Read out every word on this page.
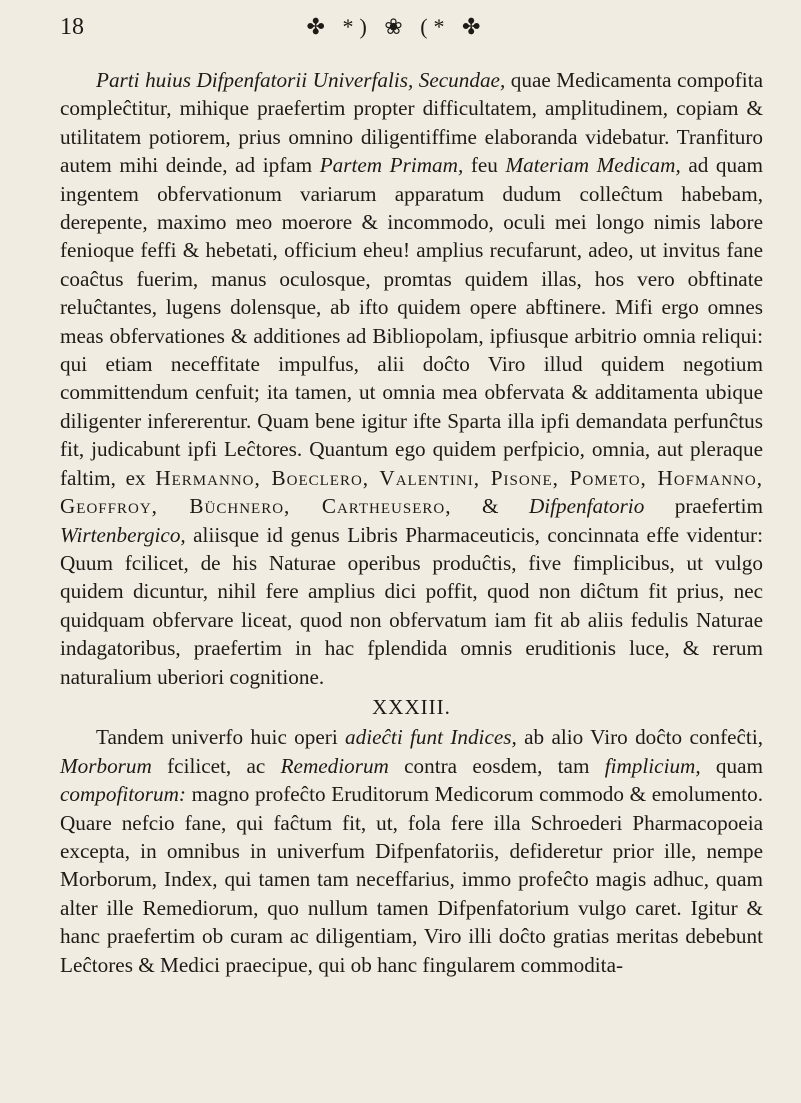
18	✤ *) ❀ (* ✤

Parti huius Difpenfatorii Univerfalis, Secundae, quae Medicamenta compofita compleĉtitur, mihique praefertim propter difficultatem, amplitudinem, copiam & utilitatem potiorem, prius omnino diligentiffime elaboranda videbatur. Tranfituro autem mihi deinde, ad ipfam Partem Primam, feu Materiam Medicam, ad quam ingentem obfervationum variarum apparatum dudum colleĉtum habebam, derepente, maximo meo moerore & incommodo, oculi mei longo nimis labore fenioque feffi & hebetati, officium eheu! amplius recufarunt, adeo, ut invitus fane coaĉtus fuerim, manus oculosque, promtas quidem illas, hos vero obftinate reluĉtantes, lugens dolensque, ab ifto quidem opere abftinere. Mifi ergo omnes meas obfervationes & additiones ad Bibliopolam, ipfiusque arbitrio omnia reliqui: qui etiam neceffitate impulfus, alii doĉto Viro illud quidem negotium committendum cenfuit; ita tamen, ut omnia mea obfervata & additamenta ubique diligenter infererentur. Quam bene igitur ifte Sparta illa ipfi demandata perfunĉtus fit, judicabunt ipfi Leĉtores. Quantum ego quidem perfpicio, omnia, aut pleraque faltim, ex Hermanno, Boeclero, Valentini, Pisone, Pometo, Hofmanno, Geoffroy, Büchnero, Cartheusero, & Difpenfatorio praefertim Wirtenbergico, aliisque id genus Libris Pharmaceuticis, concinnata effe videntur: Quum fcilicet, de his Naturae operibus produĉtis, five fimplicibus, ut vulgo quidem dicuntur, nihil fere amplius dici poffit, quod non diĉtum fit prius, nec quidquam obfervare liceat, quod non obfervatum iam fit ab aliis fedulis Naturae indagatoribus, praefertim in hac fplendida omnis eruditionis luce, & rerum naturalium uberiori cognitione.

XXXIII.

Tandem univerfo huic operi adieĉti funt Indices, ab alio Viro doĉto confeĉti, Morborum fcilicet, ac Remediorum contra eosdem, tam fimplicium, quam compofitorum: magno profeĉto Eruditorum Medicorum commodo & emolumento. Quare nefcio fane, qui faĉtum fit, ut, fola fere illa Schroederi Pharmacopoeia excepta, in omnibus in univerfum Difpenfatoriis, defideretur prior ille, nempe Morborum, Index, qui tamen tam neceffarius, immo profeĉto magis adhuc, quam alter ille Remediorum, quo nullum tamen Difpenfatorium vulgo caret. Igitur & hanc praefertim ob curam ac diligentiam, Viro illi doĉto gratias meritas debebunt Leĉtores & Medici praecipue, qui ob hanc fingularem commodita-
